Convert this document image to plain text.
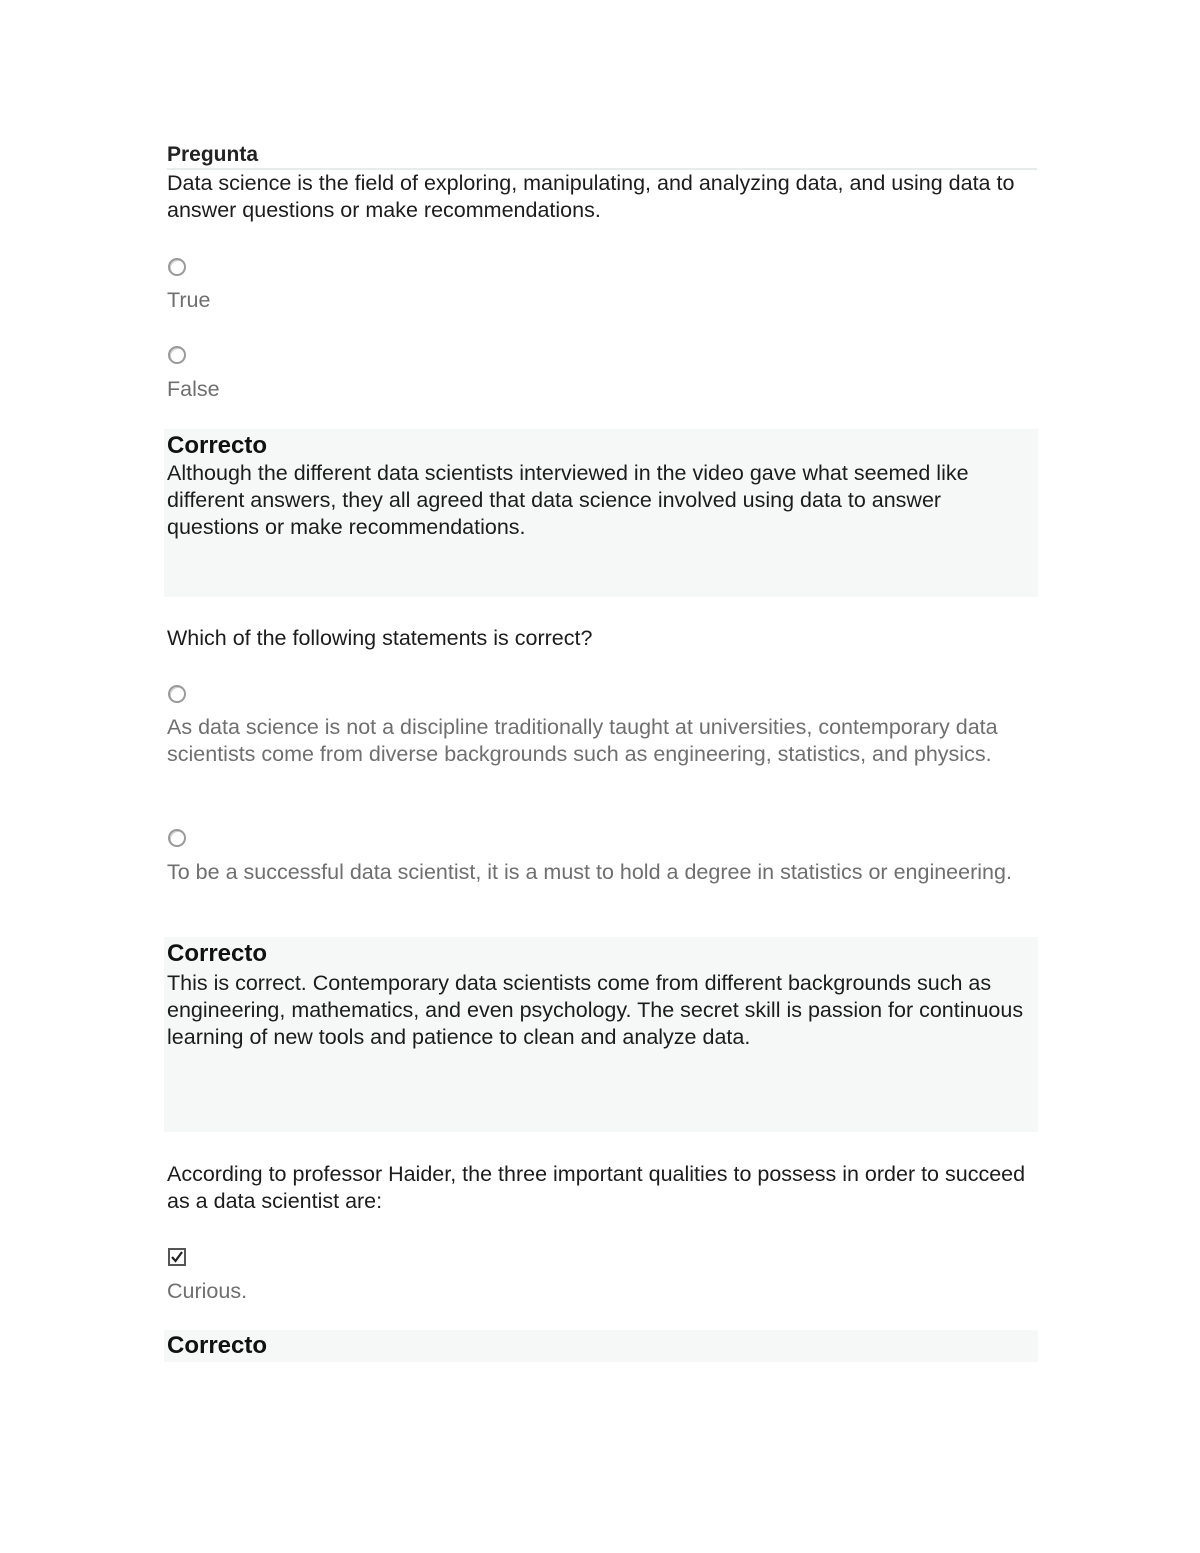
Pregunta
Data science is the field of exploring, manipulating, and analyzing data, and using data to answer questions or make recommendations.
True
False
Correcto
Although the different data scientists interviewed in the video gave what seemed like different answers, they all agreed that data science involved using data to answer questions or make recommendations.
Which of the following statements is correct?
As data science is not a discipline traditionally taught at universities, contemporary data scientists come from diverse backgrounds such as engineering, statistics, and physics.
To be a successful data scientist, it is a must to hold a degree in statistics or engineering.
Correcto
This is correct. Contemporary data scientists come from different backgrounds such as engineering, mathematics, and even psychology. The secret skill is passion for continuous learning of new tools and patience to clean and analyze data.
According to professor Haider, the three important qualities to possess in order to succeed as a data scientist are:
Curious.
Correcto
